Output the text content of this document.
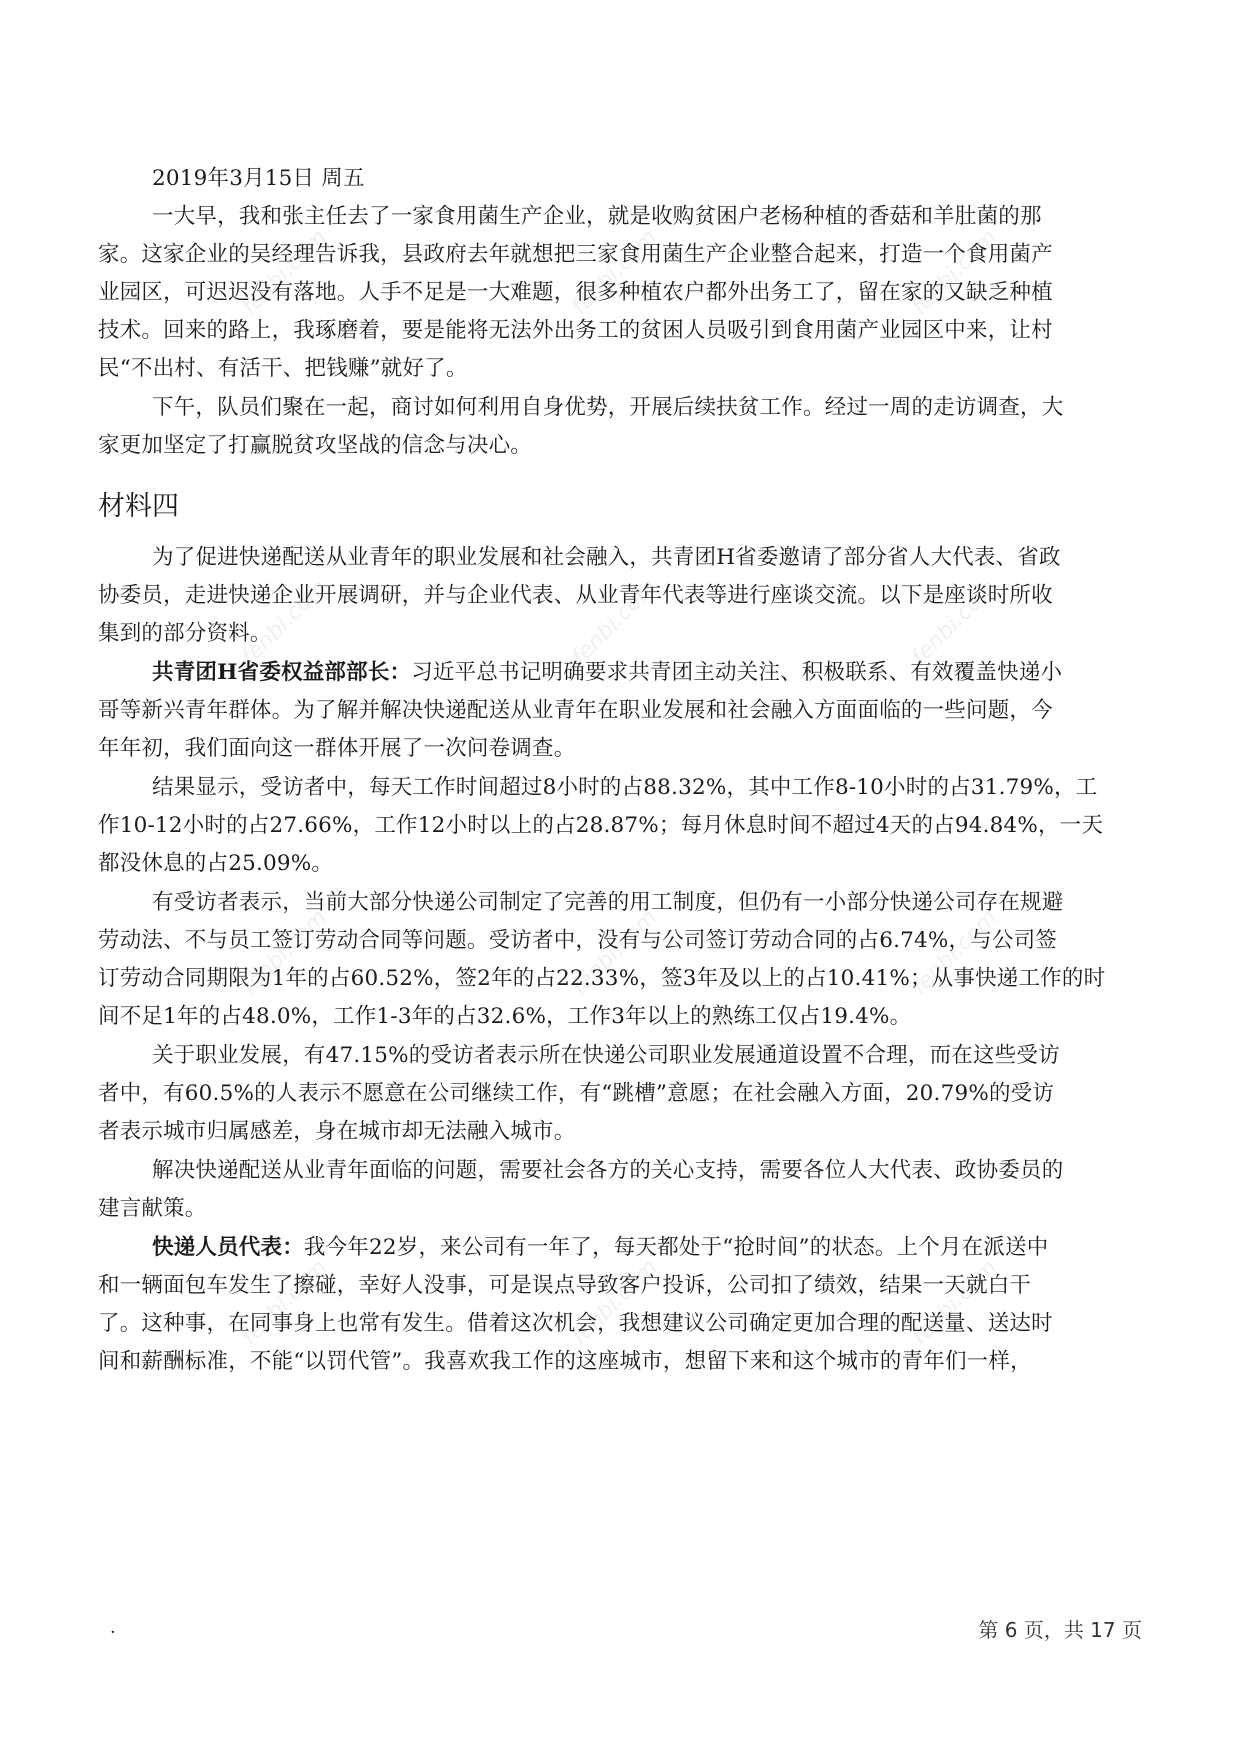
2019年3月15日 周五
一大早，我和张主任去了一家食用菌生产企业，就是收购贫困户老杨种植的香菇和羊肚菌的那
家。这家企业的吴经理告诉我，县政府去年就想把三家食用菌生产企业整合起来，打造一个食用菌产
业园区，可迟迟没有落地。人手不足是一大难题，很多种植农户都外出务工了，留在家的又缺乏种植
技术。回来的路上，我琢磨着，要是能将无法外出务工的贫困人员吸引到食用菌产业园区中来，让村
民“不出村、有活干、把钱赚”就好了。
下午，队员们聚在一起，商讨如何利用自身优势，开展后续扶贫工作。经过一周的走访调查，大
家更加坚定了打赢脱贫攻坚战的信念与决心。
材料四
为了促进快递配送从业青年的职业发展和社会融入，共青团H省委邀请了部分省人大代表、省政
协委员，走进快递企业开展调研，并与企业代表、从业青年代表等进行座谈交流。以下是座谈时所收
集到的部分资料。
共青团H省委权益部部长：习近平总书记明确要求共青团主动关注、积极联系、有效覆盖快递小
哥等新兴青年群体。为了解并解决快递配送从业青年在职业发展和社会融入方面面临的一些问题，今
年年初，我们面向这一群体开展了一次问卷调查。
结果显示，受访者中，每天工作时间超过8小时的占88.32%，其中工作8-10小时的占31.79%，工
作10-12小时的占27.66%，工作12小时以上的占28.87%；每月休息时间不超过4天的占94.84%，一天
都没休息的占25.09%。
有受访者表示，当前大部分快递公司制定了完善的用工制度，但仍有一小部分快递公司存在规避
劳动法、不与员工签订劳动合同等问题。受访者中，没有与公司签订劳动合同的占6.74%，与公司签
订劳动合同期限为1年的占60.52%，签2年的占22.33%，签3年及以上的占10.41%；从事快递工作的时
间不足1年的占48.0%，工作1-3年的占32.6%，工作3年以上的熟练工仅占19.4%。
关于职业发展，有47.15%的受访者表示所在快递公司职业发展通道设置不合理，而在这些受访
者中，有60.5%的人表示不愿意在公司继续工作，有“跳槽”意愿；在社会融入方面，20.79%的受访
者表示城市归属感差，身在城市却无法融入城市。
解决快递配送从业青年面临的问题，需要社会各方的关心支持，需要各位人大代表、政协委员的
建言献策。
快递人员代表：我今年22岁，来公司有一年了，每天都处于“抢时间”的状态。上个月在派送中
和一辆面包车发生了擦碰，幸好人没事，可是误点导致客户投诉，公司扣了绩效，结果一天就白干
了。这种事，在同事身上也常有发生。借着这次机会，我想建议公司确定更加合理的配送量、送达时
间和薪酬标准，不能“以罚代管”。我喜欢我工作的这座城市，想留下来和这个城市的青年们一样，
fenbi.com	fenbi.com	fenbi.com
fenbi.com	fenbi.com	fenbi.com
fenbi.com	fenbi.com	fenbi.com
fenbi.com	fenbi.com	fenbi.com
·	第 6 页，共 17 页
